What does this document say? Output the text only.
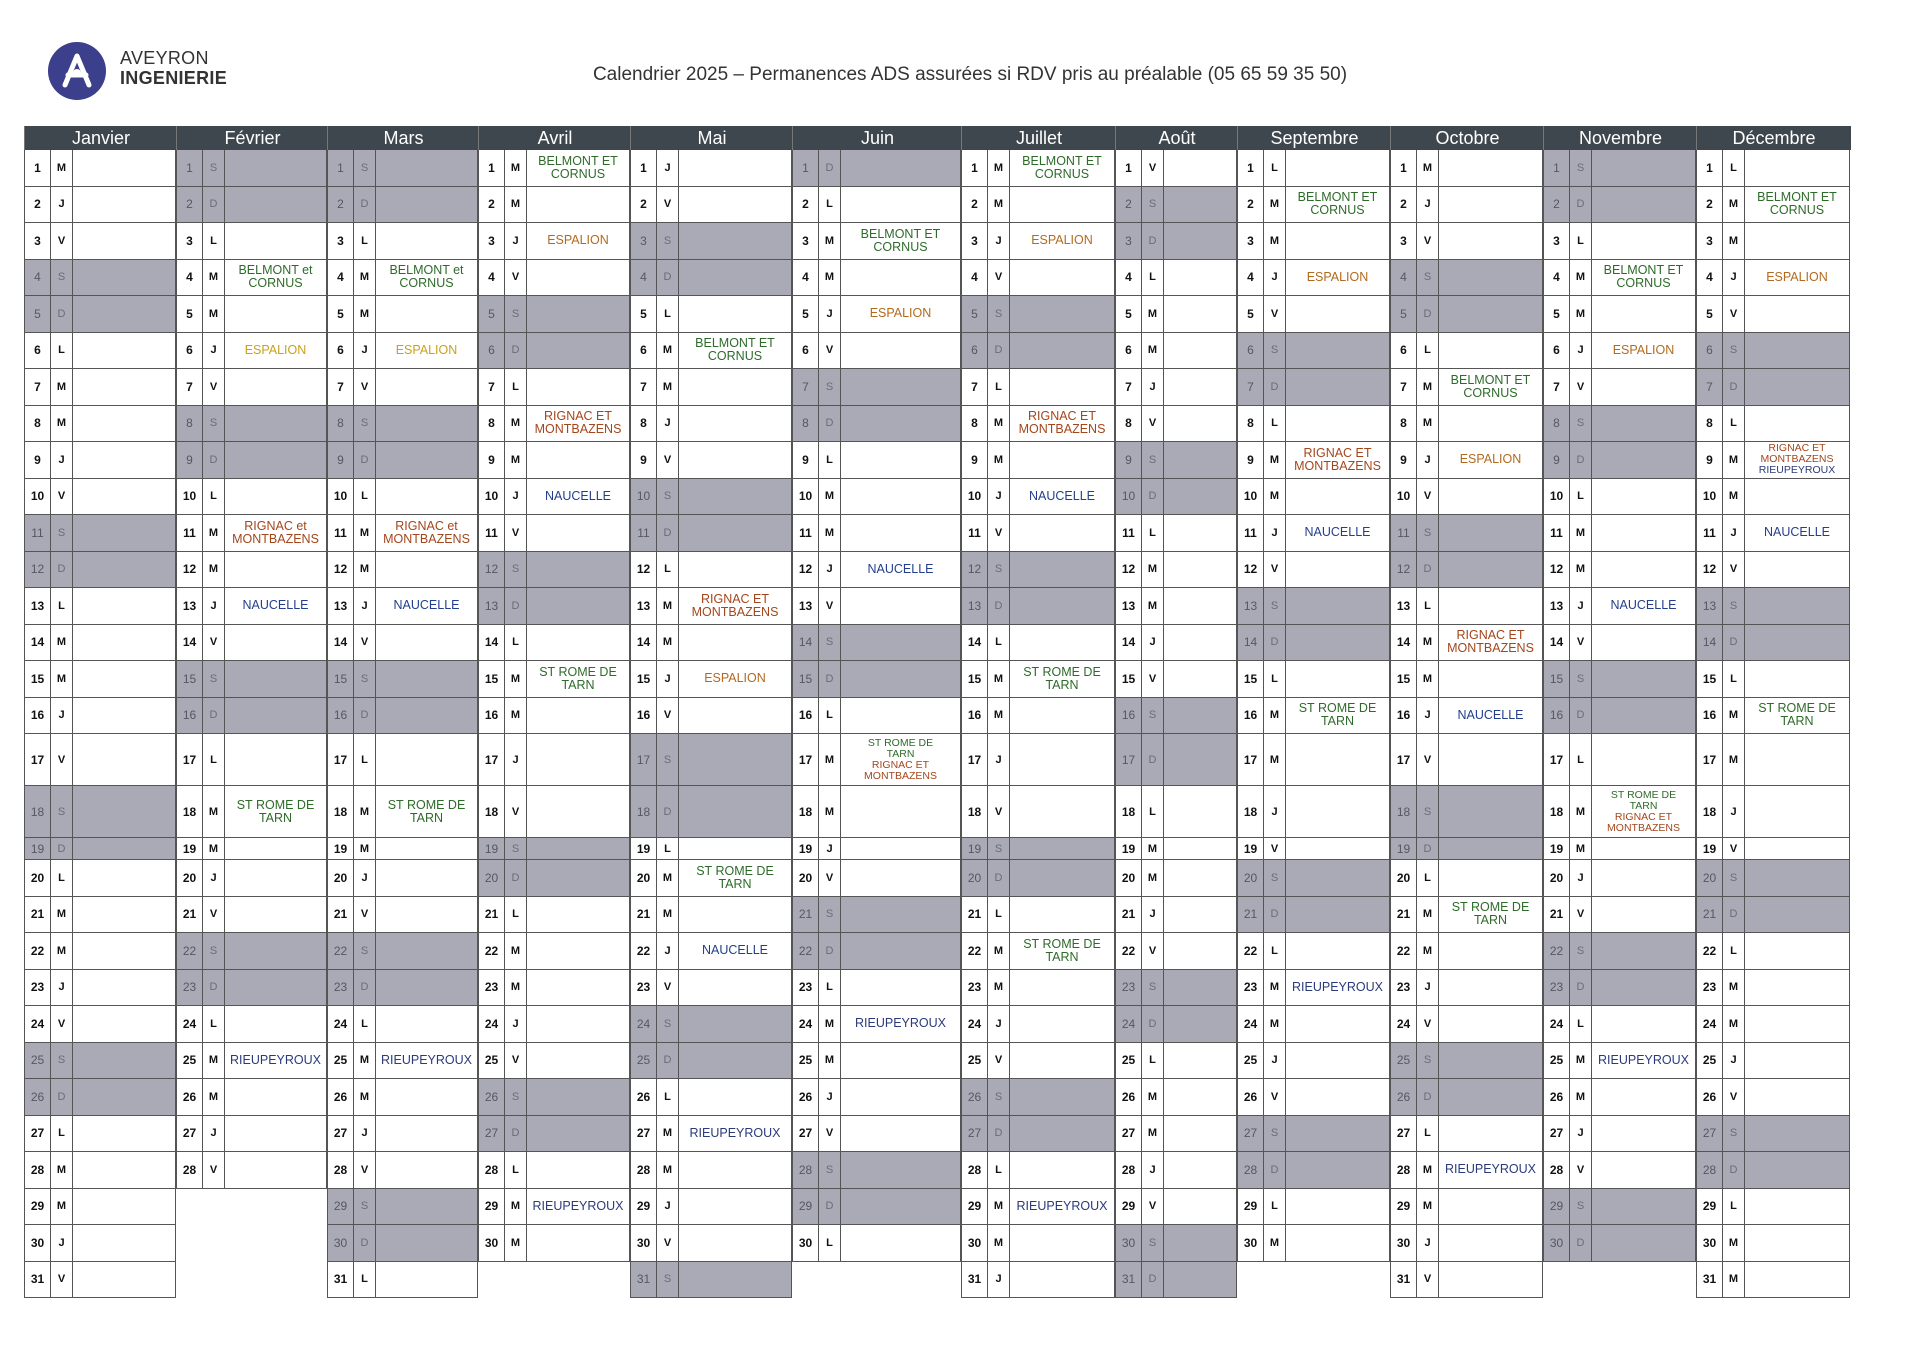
AVEYRON
INGENIERIE	Calendrier 2025 – Permanences ADS assurées si RDV pris au préalable (05 65 59 35 50)
Janvier
1	M
2	J
3	V
4	S
5	D
6	L
7	M
8	M
9	J
10	V
11	S
12	D
13	L
14	M
15	M
16	J
17	V
18	S
19	D
20	L
21	M
22	M
23	J
24	V
25	S
26	D
27	L
28	M
29	M
30	J
31	V
Février
1	S
2	D
3	L
4	M	BELMONT et
CORNUS
5	M
6	J	ESPALION
7	V
8	S
9	D
10	L
11	M	RIGNAC et
MONTBAZENS
12	M
13	J	NAUCELLE
14	V
15	S
16	D
17	L
18	M	ST ROME DE
TARN
19	M
20	J
21	V
22	S
23	D
24	L
25	M RIEUPEYROUX
26	M
27	J
28	V
Mars
1	S
2	D
3	L
4	M	BELMONT et
CORNUS
5	M
6	J	ESPALION
7	V
8	S
9	D
10	L
11	M	RIGNAC et
MONTBAZENS
12	M
13	J	NAUCELLE
14	V
15	S
16	D
17	L
18	M	ST ROME DE
TARN
19	M
20	J
21	V
22	S
23	D
24	L
25	M RIEUPEYROUX
26	M
27	J
28	V
29	S
30	D
31	L
Avril
1	M	BELMONT ET
CORNUS
2	M
3	J	ESPALION
4	V
5	S
6	D
7	L
8	M	RIGNAC ET
MONTBAZENS
9	M
10	J	NAUCELLE
11	V
12	S
13	D
14	L
15	M	ST ROME DE
TARN
16	M
17	J
18	V
19	S
20	D
21	L
22	M
23	M
24	J
25	V
26	S
27	D
28	L
29	M RIEUPEYROUX
30	M
Mai
1	J
2	V
3	S
4	D
5	L
6	M	BELMONT ET
CORNUS
7	M
8	J
9	V
10	S
11	D
12	L
13	M	RIGNAC ET
MONTBAZENS
14	M
15	J	ESPALION
16	V
17	S
18	D
19	L
20	M	ST ROME DE
TARN
21	M
22	J	NAUCELLE
23	V
24	S
25	D
26	L
27	M	RIEUPEYROUX
28	M
29	J
30	V
31	S
Juin
1	D
2	L
3	M	BELMONT ET
CORNUS
4	M
5	J	ESPALION
6	V
7	S
8	D
9	L
10	M
11	M
12	J	NAUCELLE
13	V
14	S
15	D
16	L
17	M
ST ROME DE
TARN
RIGNAC ET
MONTBAZENS
18	M
19	J
20	V
21	S
22	D
23	L
24	M	RIEUPEYROUX
25	M
26	J
27	V
28	S
29	D
30	L
Juillet
1	M	BELMONT ET
CORNUS
2	M
3	J	ESPALION
4	V
5	S
6	D
7	L
8	M	RIGNAC ET
MONTBAZENS
9	M
10	J	NAUCELLE
11	V
12	S
13	D
14	L
15	M	ST ROME DE
TARN
16	M
17	J
18	V
19	S
20	D
21	L
22	M	ST ROME DE
TARN
23	M
24	J
25	V
26	S
27	D
28	L
29	M	RIEUPEYROUX
30	M
31	J
Août
1	V
2	S
3	D
4	L
5	M
6	M
7	J
8	V
9	S
10	D
11	L
12	M
13	M
14	J
15	V
16	S
17	D
18	L
19	M
20	M
21	J
22	V
23	S
24	D
25	L
26	M
27	M
28	J
29	V
30	S
31	D
Septembre
1	L
2	M	BELMONT ET
CORNUS
3	M
4	J	ESPALION
5	V
6	S
7	D
8	L
9	M	RIGNAC ET
MONTBAZENS
10	M
11	J	NAUCELLE
12	V
13	S
14	D
15	L
16	M	ST ROME DE
TARN
17	M
18	J
19	V
20	S
21	D
22	L
23	M	RIEUPEYROUX
24	M
25	J
26	V
27	S
28	D
29	L
30	M
Octobre
1	M
2	J
3	V
4	S
5	D
6	L
7	M	BELMONT ET
CORNUS
8	M
9	J	ESPALION
10	V
11	S
12	D
13	L
14	M	RIGNAC ET
MONTBAZENS
15	M
16	J	NAUCELLE
17	V
18	S
19	D
20	L
21	M	ST ROME DE
TARN
22	M
23	J
24	V
25	S
26	D
27	L
28	M	RIEUPEYROUX
29	M
30	J
31	V
Novembre
1	S
2	D
3	L
4	M	BELMONT ET
CORNUS
5	M
6	J	ESPALION
7	V
8	S
9	D
10	L
11	M
12	M
13	J	NAUCELLE
14	V
15	S
16	D
17	L
18	M
ST ROME DE
TARN
RIGNAC ET
MONTBAZENS
19	M
20	J
21	V
22	S
23	D
24	L
25	M	RIEUPEYROUX
26	M
27	J
28	V
29	S
30	D
Décembre
1	L
2	M	BELMONT ET
CORNUS
3	M
4	J	ESPALION
5	V
6	S
7	D
8	L
9	M
RIGNAC ET
MONTBAZENS
RIEUPEYROUX
10	M
11	J	NAUCELLE
12	V
13	S
14	D
15	L
16	M	ST ROME DE
TARN
17	M
18	J
19	V
20	S
21	D
22	L
23	M
24	M
25	J
26	V
27	S
28	D
29	L
30	M
31	M
